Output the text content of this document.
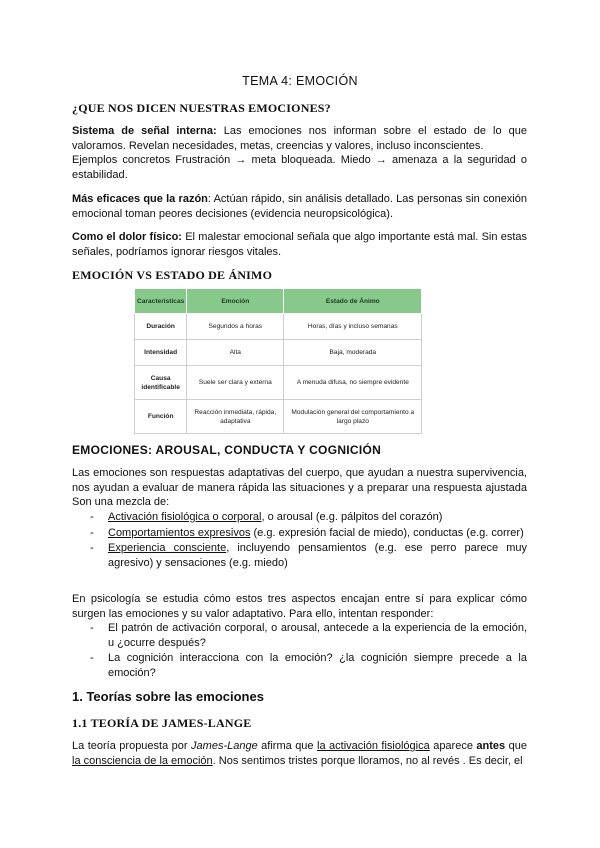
TEMA 4: EMOCIÓN
¿QUE NOS DICEN NUESTRAS EMOCIONES?
Sistema de señal interna: Las emociones nos informan sobre el estado de lo que valoramos. Revelan necesidades, metas, creencias y valores, incluso inconscientes.
Ejemplos concretos Frustración → meta bloqueada. Miedo → amenaza a la seguridad o estabilidad.
Más eficaces que la razón: Actúan rápido, sin análisis detallado. Las personas sin conexión emocional toman peores decisiones (evidencia neuropsicológica).
Como el dolor físico: El malestar emocional señala que algo importante está mal. Sin estas señales, podríamos ignorar riesgos vitales.
EMOCIÓN VS ESTADO DE ÁNIMO
Caracteristicas	Emoción	Estado de Ánimo
Duración	Segundos a horas	Horas, días y incluso semanas
Intensidad	Alta	Baja, moderada
Causa identificable	Suele ser clara y externa	A menuda difusa, no siempre evidente
Función	Reacción inmediata, rápida, adaptativa	Modulación general del comportamiento a largo plazo
EMOCIONES: AROUSAL, CONDUCTA Y COGNICIÓN
Las emociones son respuestas adaptativas del cuerpo, que ayudan a nuestra supervivencia, nos ayudan a evaluar de manera rápida las situaciones y a preparar una respuesta ajustada Son una mezcla de:
- Activación fisiológica o corporal, o arousal (e.g. pálpitos del corazón)
- Comportamientos expresivos (e.g. expresión facial de miedo), conductas (e.g. correr)
- Experiencia consciente, incluyendo pensamientos (e.g. ese perro parece muy agresivo) y sensaciones (e.g. miedo)
En psicología se estudia cómo estos tres aspectos encajan entre sí para explicar cómo surgen las emociones y su valor adaptativo. Para ello, intentan responder:
- El patrón de activación corporal, o arousal, antecede a la experiencia de la emoción, u ¿ocurre después?
- La cognición interacciona con la emoción? ¿la cognición siempre precede a la emoción?
1. Teorías sobre las emociones
1.1 TEORÍA DE JAMES-LANGE
La teoría propuesta por James-Lange afirma que la activación fisiológica aparece antes que la consciencia de la emoción. Nos sentimos tristes porque lloramos, no al revés . Es decir, el
